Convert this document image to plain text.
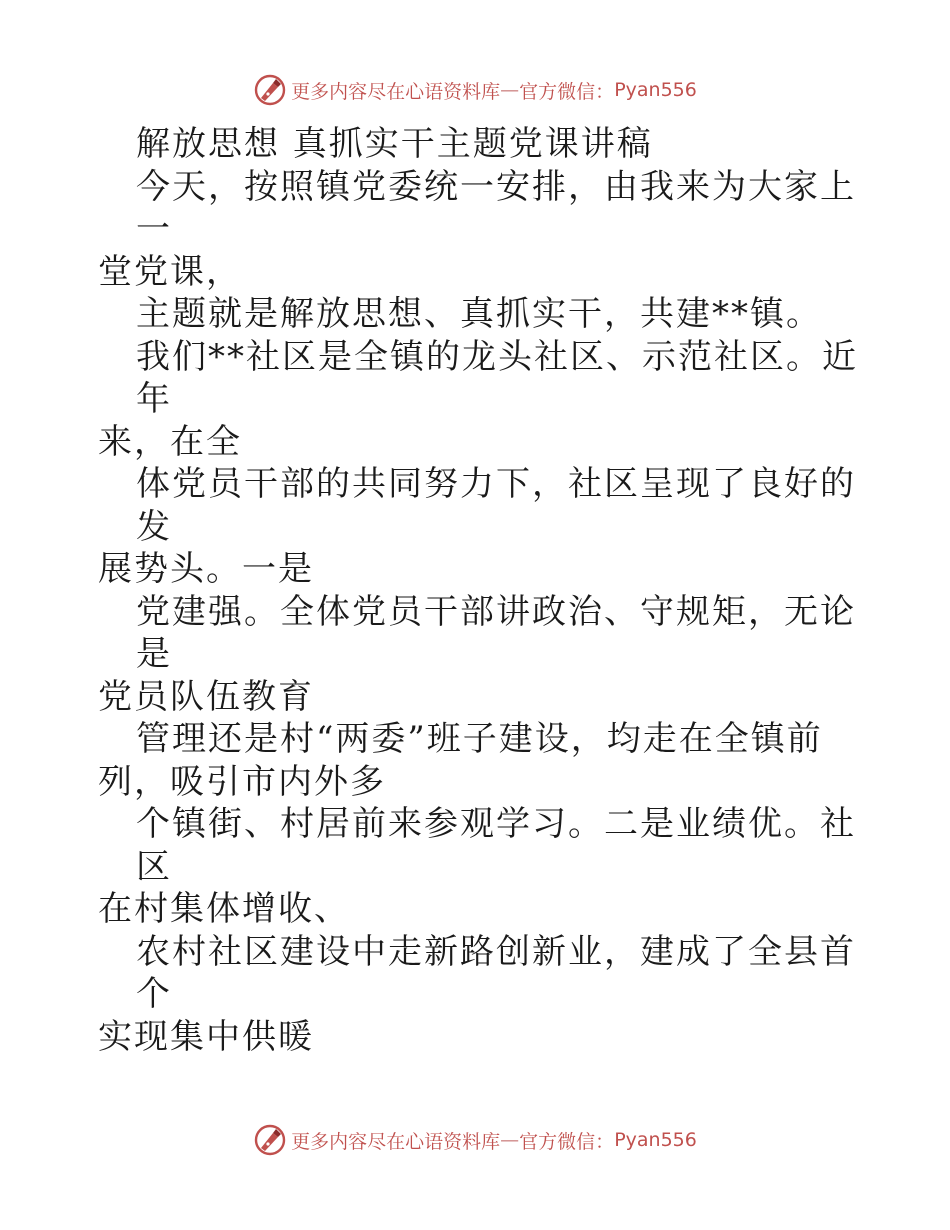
更多内容尽在心语资料库 — 官方微信： Pyan556

解放思想 真抓实干主题党课讲稿

今天，按照镇党委统一安排，由我来为大家上一

堂党课，

主题就是解放思想、真抓实干，共建**镇。

我们**社区是全镇的龙头社区、示范社区。近年

来，在全

体党员干部的共同努力下，社区呈现了良好的发

展势头。一是

党建强。全体党员干部讲政治、守规矩，无论是

党员队伍教育

管理还是村“两委”班子建设，均走在全镇前

列，吸引市内外多

个镇街、村居前来参观学习。二是业绩优。社区

在村集体增收、

农村社区建设中走新路创新业，建成了全县首个

实现集中供暖

更多内容尽在心语资料库 — 官方微信： Pyan556
